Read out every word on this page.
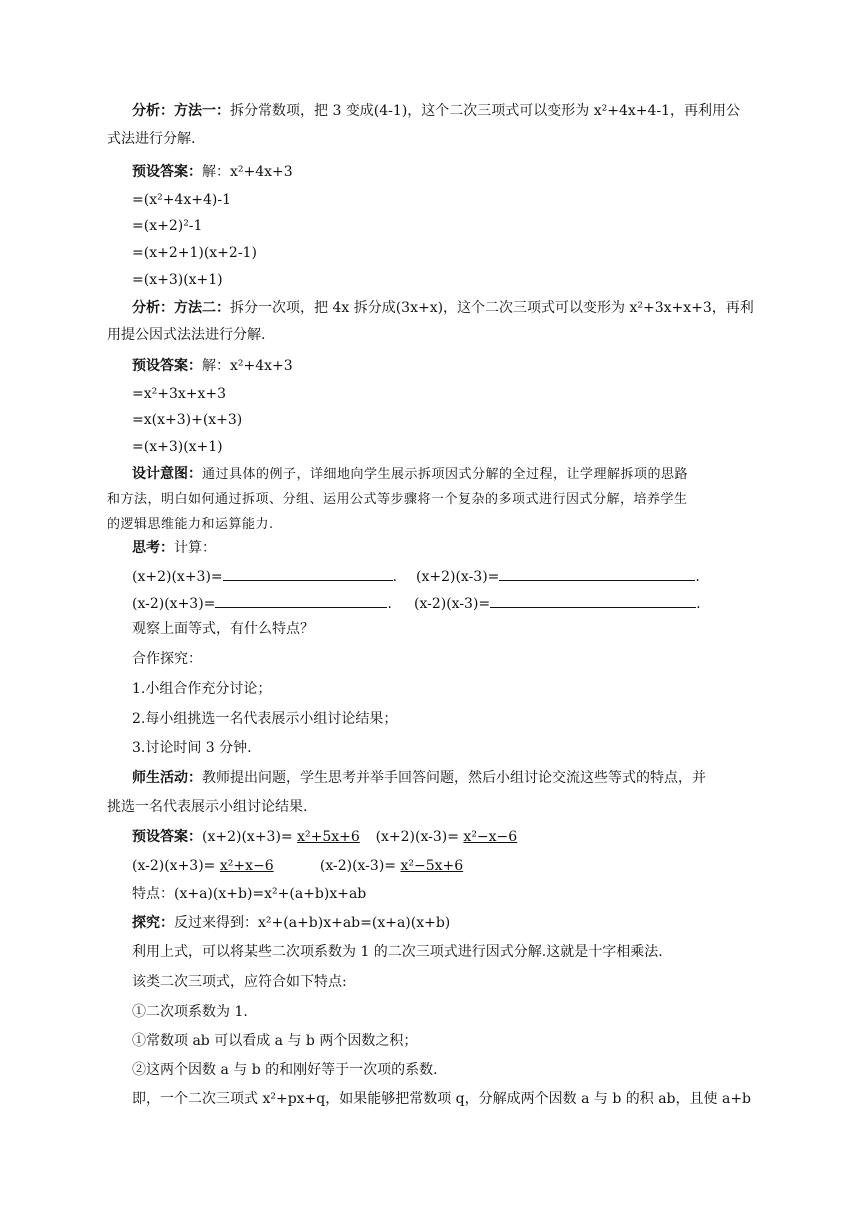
分析：方法一：拆分常数项，把 3 变成(4-1)，这个二次三项式可以变形为 x²+4x+4-1，再利用公
式法进行分解.
预设答案：解：x²+4x+3
=(x²+4x+4)-1
=(x+2)²-1
=(x+2+1)(x+2-1)
=(x+3)(x+1)
分析：方法二：拆分一次项，把 4x 拆分成(3x+x)，这个二次三项式可以变形为 x²+3x+x+3，再利
用提公因式法法进行分解.
预设答案：解：x²+4x+3
=x²+3x+x+3
=x(x+3)+(x+3)
=(x+3)(x+1)
设计意图：通过具体的例子，详细地向学生展示拆项因式分解的全过程，让学理解拆项的思路
和方法，明白如何通过拆项、分组、运用公式等步骤将一个复杂的多项式进行因式分解，培养学生
的逻辑思维能力和运算能力.
思考：计算：
(x+2)(x+3)=	. (x+2)(x-3)=	.
(x-2)(x+3)=	. (x-2)(x-3)=	.
观察上面等式，有什么特点？
合作探究：
1.小组合作充分讨论；
2.每小组挑选一名代表展示小组讨论结果；
3.讨论时间 3 分钟.
师生活动：教师提出问题，学生思考并举手回答问题，然后小组讨论交流这些等式的特点，并
挑选一名代表展示小组讨论结果.
预设答案：(x+2)(x+3)= x²+5x+6 (x+2)(x-3)= x²−x−6
(x-2)(x+3)= x²+x−6	(x-2)(x-3)= x²−5x+6
特点：(x+a)(x+b)=x²+(a+b)x+ab
探究：反过来得到：x²+(a+b)x+ab=(x+a)(x+b)
利用上式，可以将某些二次项系数为 1 的二次三项式进行因式分解.这就是十字相乘法.
该类二次三项式，应符合如下特点:
①二次项系数为 1.
①常数项 ab 可以看成 a 与 b 两个因数之积；
②这两个因数 a 与 b 的和刚好等于一次项的系数.
即，一个二次三项式 x²+px+q，如果能够把常数项 q，分解成两个因数 a 与 b 的积 ab，且使 a+b
